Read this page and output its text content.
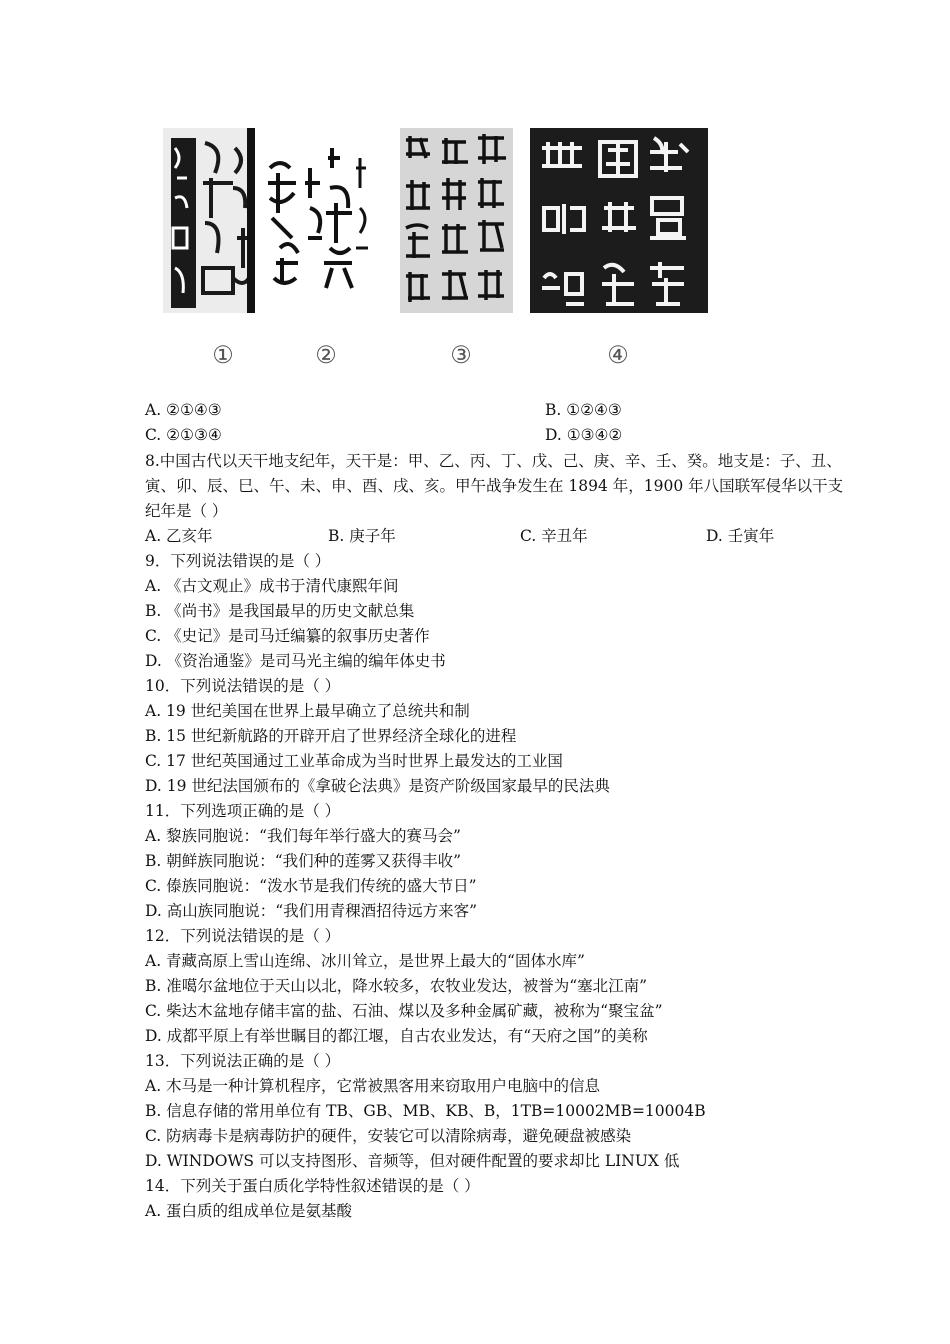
①	②	③	④
A. ②①④③	B. ①②④③
C. ②①③④	D. ①③④②
8.中国古代以天干地支纪年，天干是：甲、乙、丙、丁、戊、己、庚、辛、壬、癸。地支是：子、丑、
寅、卯、辰、巳、午、未、申、酉、戌、亥。甲午战争发生在 1894 年，1900 年八国联军侵华以干支
纪年是（ ）
A. 乙亥年	B. 庚子年	C. 辛丑年	D. 壬寅年
9．下列说法错误的是（ ）
A. 《古文观止》成书于清代康熙年间
B. 《尚书》是我国最早的历史文献总集
C. 《史记》是司马迁编纂的叙事历史著作
D. 《资治通鉴》是司马光主编的编年体史书
10．下列说法错误的是（ ）
A. 19 世纪美国在世界上最早确立了总统共和制
B. 15 世纪新航路的开辟开启了世界经济全球化的进程
C. 17 世纪英国通过工业革命成为当时世界上最发达的工业国
D. 19 世纪法国颁布的《拿破仑法典》是资产阶级国家最早的民法典
11．下列选项正确的是（ ）
A. 黎族同胞说：“我们每年举行盛大的赛马会”
B. 朝鲜族同胞说：“我们种的莲雾又获得丰收”
C. 傣族同胞说：“泼水节是我们传统的盛大节日”
D. 高山族同胞说：“我们用青稞酒招待远方来客”
12．下列说法错误的是（ ）
A. 青藏高原上雪山连绵、冰川耸立，是世界上最大的“固体水库”
B. 准噶尔盆地位于天山以北，降水较多，农牧业发达，被誉为“塞北江南”
C. 柴达木盆地存储丰富的盐、石油、煤以及多种金属矿藏，被称为“聚宝盆”
D. 成都平原上有举世瞩目的都江堰，自古农业发达，有“天府之国”的美称
13．下列说法正确的是（ ）
A. 木马是一种计算机程序，它常被黑客用来窃取用户电脑中的信息
B. 信息存储的常用单位有 TB、GB、MB、KB、B，1TB=10002MB=10004B
C. 防病毒卡是病毒防护的硬件，安装它可以清除病毒，避免硬盘被感染
D. WINDOWS 可以支持图形、音频等，但对硬件配置的要求却比 LINUX 低
14．下列关于蛋白质化学特性叙述错误的是（ ）
A. 蛋白质的组成单位是氨基酸
